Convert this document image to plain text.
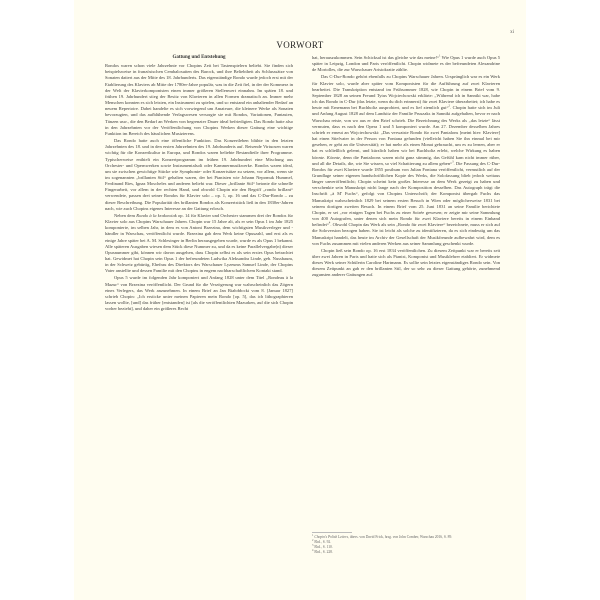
xi
VORWORT
Gattung und Entstehung

Rondos waren schon viele Jahrzehnte vor Chopins Zeit bei Tastenspielern beliebt. Sie finden sich beispielsweise in französischen Cembalosuiten des Barock, und ihre Beliebtheit als Schlusssätze von Sonaten datiert aus der Mitte des 18. Jahrhunderts. Das eigenständige Rondo wurde jedoch erst mit der Etablierung des Klaviers ab Mitte der 1780er-Jahre populär, was in die Zeit fiel, in der der Kommerz in der Welt der Klavierkomponisten einen immer größeren Stellenwert einnahm. Im späten 18. und frühen 19. Jahrhundert stieg der Besitz von Klavieren in allen Formen dramatisch an. Immer mehr Menschen konnten es sich leisten, ein Instrument zu spielen, und so entstand ein anhaltender Bedarf an neuem Repertoire. Dabei handelte es sich vorwiegend um Amateure, die kleinere Werke als Sonaten bevorzugten, und das aufblühende Verlagswesen versorgte sie mit Rondos, Variationen, Fantasien, Tänzen usw., die den Bedarf an Werken von begrenzter Dauer ideal befriedigten. Das Rondo hatte also in den Jahrzehnten vor der Veröffentlichung von Chopins Werken dieser Gattung eine wichtige Funktion im Bereich des häuslichen Musizierens.

Das Rondo hatte auch eine öffentliche Funktion. Das Konzertleben blühte in den letzten Jahrzehnten des 18. und in den ersten Jahrzehnten des 19. Jahrhunderts auf. Reisende Virtuosen waren wichtig für die Konzertkultur in Europa, und Rondos waren beliebte Bestandteile ihrer Programme. Typischerweise enthielt ein Konzertprogramm im frühen 19. Jahrhundert eine Mischung aus Orchester- und Opernwerken sowie Instrumentalsoli oder Kammermusikwerke. Rondos waren ideal, um sie zwischen gewichtige Stücke wie Symphonie- oder Konzertsätze zu setzen, vor allem, wenn sie im sogenannten „brillanten Stil“ gehalten waren, der bei Pianisten wie Johann Nepomuk Hummel, Ferdinand Ries, Ignaz Moscheles und anderen beliebt war. Dieser „brillante Stil“ betonte die schnelle Fingerarbeit, vor allem in der rechten Hand, und obwohl Chopin nie den Begriff „rondo brillant“ verwendete, passen drei seiner Rondos für Klavier solo – op. 1, op. 16 und das C-Dur-Rondo – zu dieser Beschreibung. Die Popularität des brillanten Rondos als Konzertstück ließ in den 1830er-Jahren nach, wie auch Chopins eigenes Interesse an der Gattung erlosch.

Neben dem Rondo à la krakowiak op. 14 für Klavier und Orchester stammen drei der Rondos für Klavier solo aus Chopins Warschauer Jahren. Chopin war 15 Jahre alt, als er sein Opus 1 im Jahr 1825 komponierte, im selben Jahr, in dem es von Antoni Brzezina, dem wichtigsten Musikverleger und -händler in Warschau, veröffentlicht wurde. Brzezina gab dem Werk keine Opuszahl, und erst als es einige Jahre später bei A. M. Schlesinger in Berlin herausgegeben wurde, wurde es als Opus 1 bekannt. Alle späteren Ausgaben wiesen dem Stück diese Nummer zu, und da es keine Parallelvergabe(n) dieser Opusnummer gibt, können wir davon ausgehen, dass Chopin selbst es als sein erstes Opus betrachtet hat. Gewidmet hat Chopin sein Opus 1 der befreundeten Ludwika Aleksandra Linde, geb. Nussbaum, in der Schweiz gebürtig, Ehefrau des Direktors des Warschauer Lyzeums Samuel Linde, der Chopins Vater anstellte und dessen Familie mit den Chopins in engem nachbarschaftlichem Kontakt stand.

Opus 5 wurde im folgenden Jahr komponiert und Anfang 1828 unter dem Titel „Rondeau à la Mazur“ von Brzezina veröffentlicht. Der Grund für die Verzögerung war wahrscheinlich das Zögern eines Verlegers, das Werk anzunehmen. In einem Brief an Jan Białobłocki vom 8. [Januar 1827] schrieb Chopin: „Ich ersticke unter meinen Papieren mein Rondo [op. 5], das ich lithographieren lassen wollte, [und] das früher [entstanden] ist [als die veröffentlichten Mazurken, auf die sich Chopin vorher bezieht], und daher ein größeres Recht

hat, herauszukommen. Sein Schicksal ist das gleiche wie das meine!“$^1$ Wie Opus 1 wurde auch Opus 5 später in Leipzig, London und Paris veröffentlicht. Chopin widmete es der befreundeten Alexandrine de Moriolles, die zur Warschauer Aristokratie zählte.

Das C-Dur-Rondo gehört ebenfalls zu Chopins Warschauer Jahren. Ursprünglich war es ein Werk für Klavier solo, wurde aber später vom Komponisten für die Aufführung auf zwei Klavieren bearbeitet. Die Transkription entstand im Frühsommer 1828, wie Chopin in einem Brief vom 9. September 1828 an seinen Freund Tytus Wojciechowski erklärte: „Während ich in Sanniki war, habe ich das Rondo in C-Dur (das letzte, wenn du dich erinnerst) für zwei Klaviere überarbeitet; ich habe es heute mit Ernemann bei Buchholtz ausprobiert, und es lief ziemlich gut“$^2$. Chopin hatte sich im Juli und Anfang August 1828 auf dem Landsitz der Familie Pruszaks in Sanniki aufgehalten, bevor er nach Warschau reiste, von wo aus er den Brief schrieb. Die Bezeichnung des Werks als „das letzte“ lässt vermuten, dass es nach den Opera 1 und 5 komponiert wurde. Am 27. Dezember desselben Jahres schrieb er erneut an Wojciechowski: „Das verwaiste Rondo für zwei Pantalons [meint hier: Klaviere] hat einen Stiefvater in der Person von Fontana gefunden (vielleicht haben Sie ihn einmal bei mir gesehen, er geht an die Universität); er hat mehr als einen Monat gebraucht, um es zu lernen, aber er hat es schließlich gelernt, und kürzlich haben wir bei Buchholtz erlebt, welche Wirkung es haben könnte. Könnte, denn die Pantaloons waren nicht ganz stimmig, das Gefühl kam nicht immer rüber, und all die Details, die, wie Sie wissen, so viel Schattierung zu allem geben“$^3$. Die Fassung des C-Dur-Rondos für zwei Klaviere wurde 1855 posthum von Julian Fontana veröffentlicht, vermutlich auf der Grundlage seiner eigenen handschriftlichen Kopie des Werks, die Solofassung blieb jedoch weitaus länger unveröffentlicht; Chopin scheint kein großes Interesse an dem Werk gezeigt zu haben und verschenkte sein Manuskript nicht lange nach der Komposition desselben. Das Autograph trägt die Inschrift „à M' Fuchs“, gefolgt von Chopins Unterschrift; der Komponist übergab Fuchs das Manuskript wahrscheinlich 1829 bei seinem ersten Besuch in Wien oder möglicherweise 1831 bei seinem dortigen zweiten Besuch. In einem Brief vom 25. Juni 1831 an seine Familie berichtete Chopin, er sei „vor einigen Tagen bei Fuchs zu einer Soirée gewesen; er zeigte mir seine Sammlung von 400 Autografen, unter denen sich mein Rondo für zwei Klaviere bereits in einem Einband befindet“$^4$. Obwohl Chopin das Werk als sein „Rondo für zwei Klaviere“ bezeichnete, muss er sich auf die Soloversion bezogen haben. Sie ist leicht als solche zu identifizieren, da es sich eindeutig um das Manuskript handelt, das heute im Archiv der Gesellschaft der Musikfreunde aufbewahrt wird, dem es von Fuchs zusammen mit vielen anderen Werken aus seiner Sammlung geschenkt wurde.

Chopin ließ sein Rondo op. 16 erst 1834 veröffentlichen. Zu diesem Zeitpunkt war er bereits seit über zwei Jahren in Paris und hatte sich als Pianist, Komponist und Musiklehrer etabliert. Er widmete dieses Werk seiner Schülerin Caroline Hartmann. Es sollte sein letztes eigenständiges Rondo sein. Von diesem Zeitpunkt an gab er den brillanten Stil, der so sehr zu dieser Gattung gehörte, zunehmend zugunsten anderer Gattungen auf.

$^1$ Chopin's Polish Letters, übers. von David Frick, hrsg. von John Comber, Warschau 2016, S. 89.
$^2$ Ebd., S. 92.
$^3$ Ebd., S. 110.
$^4$ Ebd., S. 228.
